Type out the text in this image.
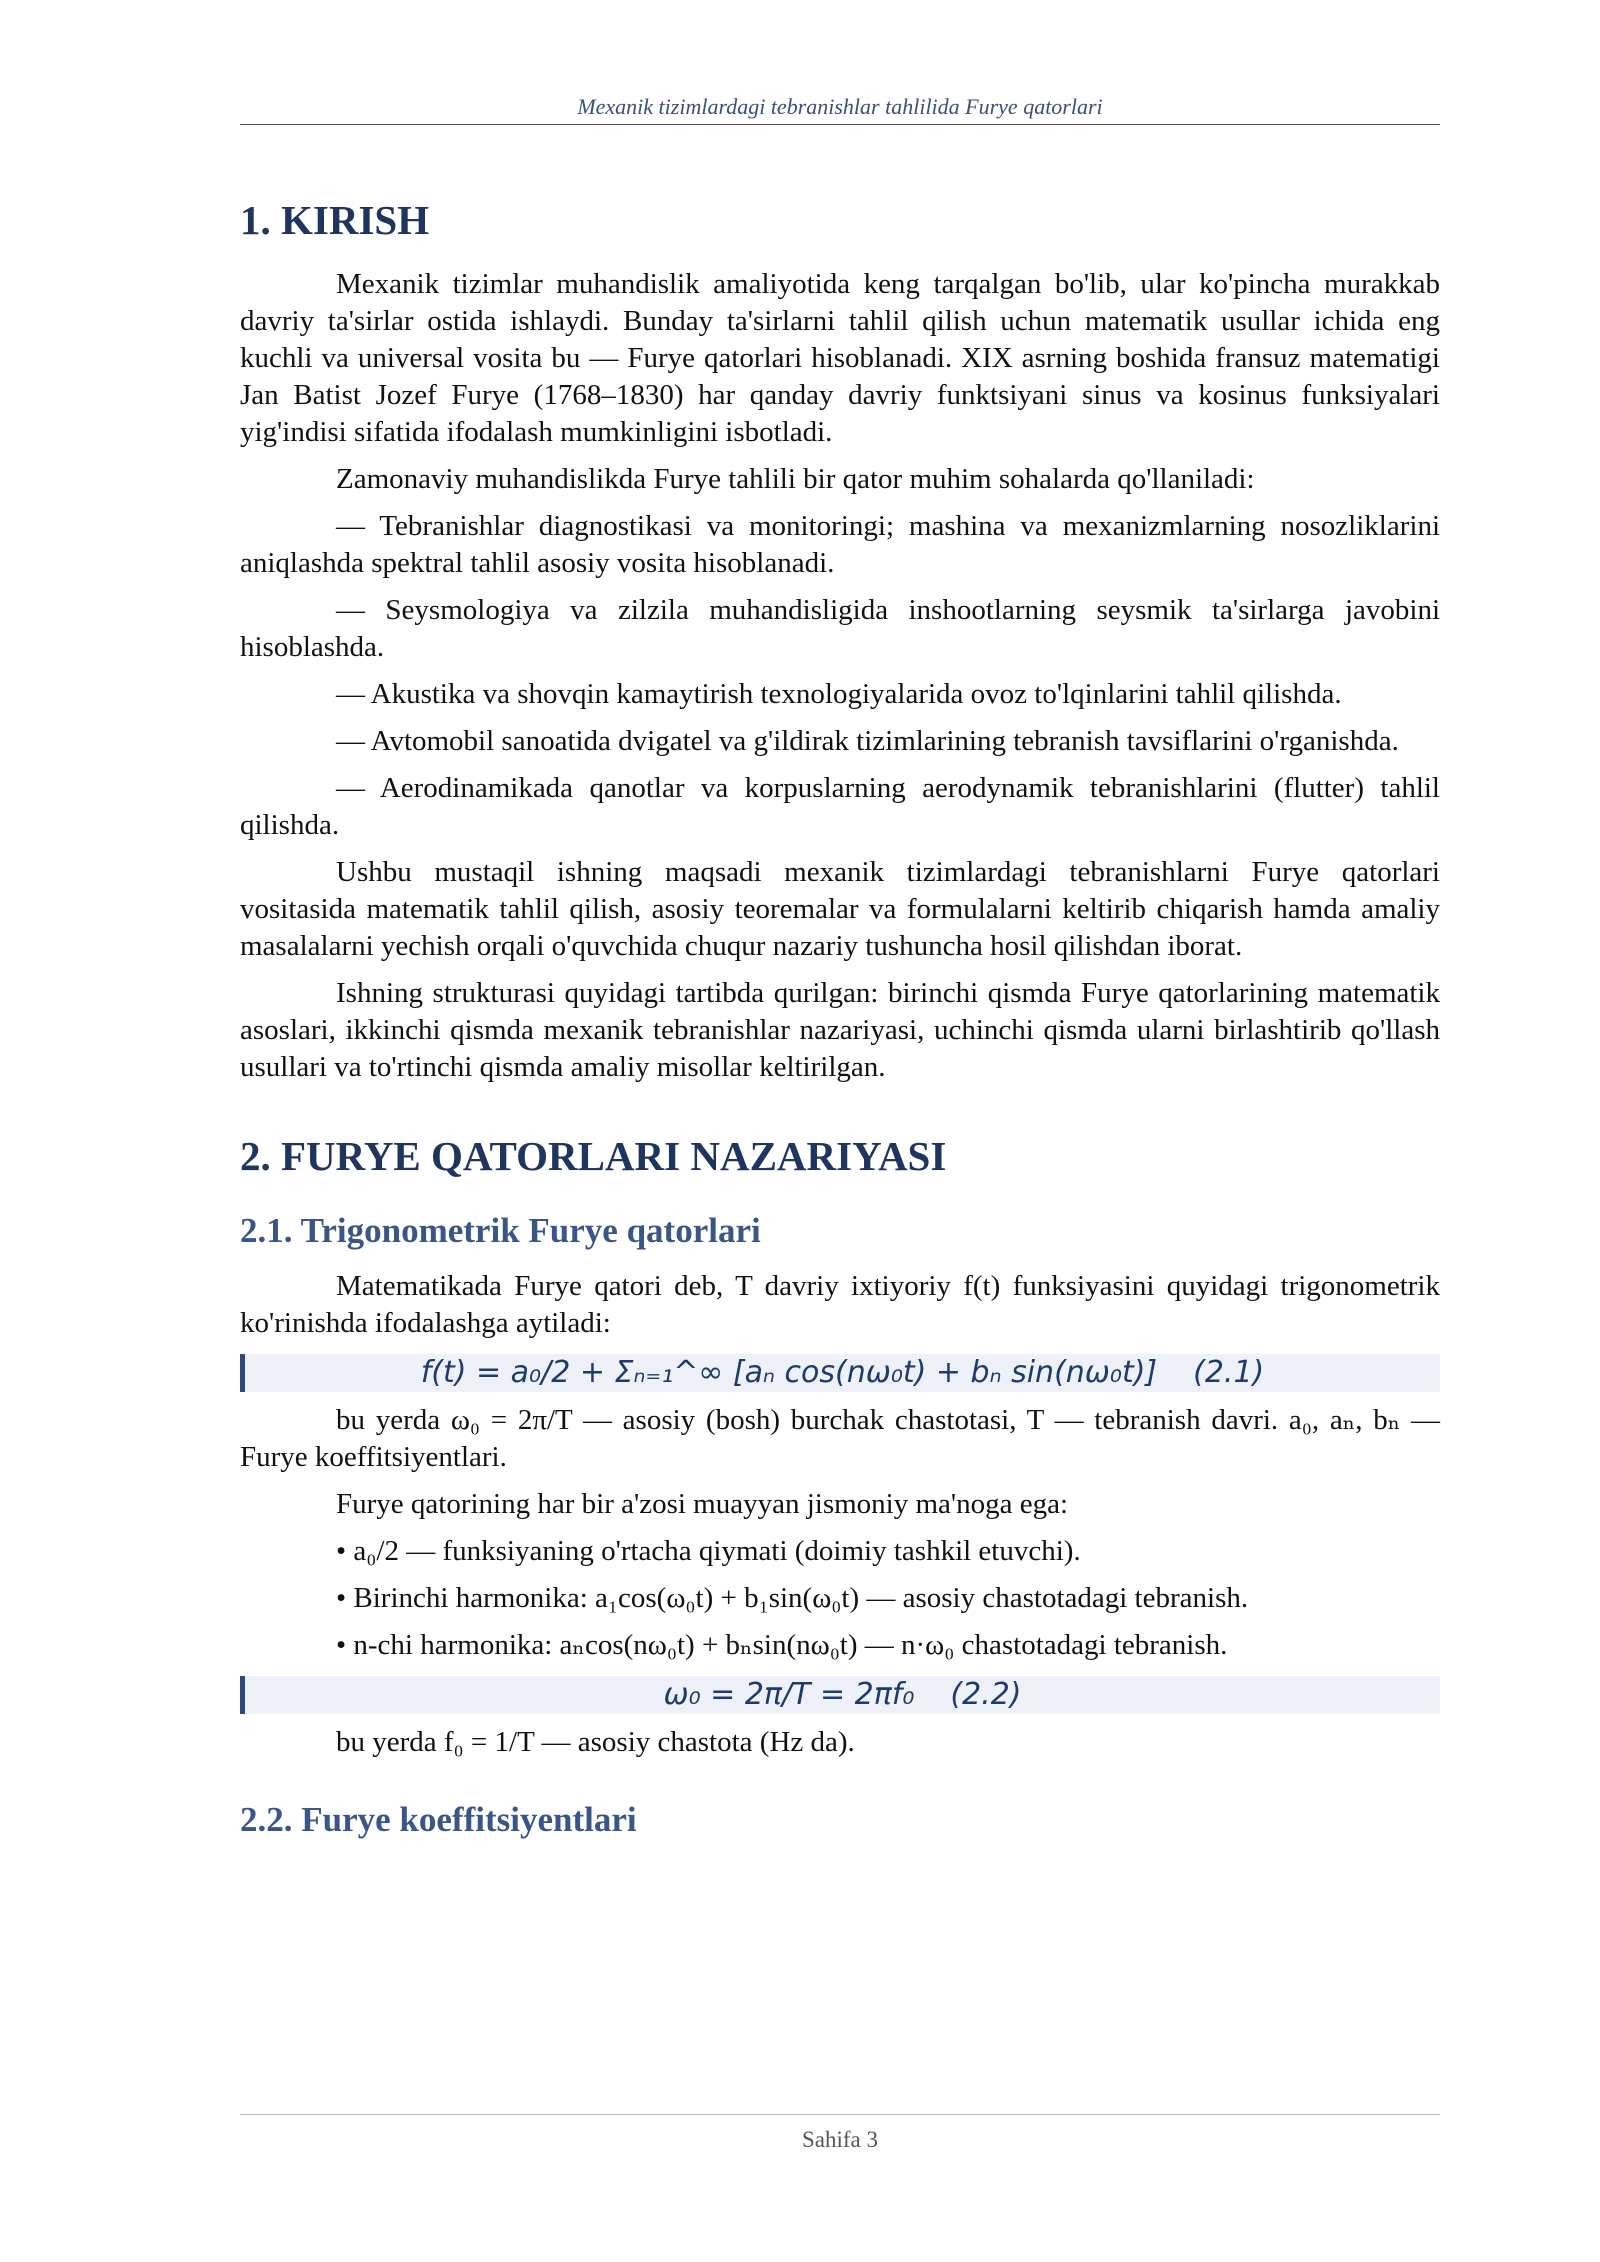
Mexanik tizimlardagi tebranishlar tahlilida Furye qatorlari
1. KIRISH

Mexanik tizimlar muhandislik amaliyotida keng tarqalgan bo'lib, ular ko'pincha murakkab davriy ta'sirlar ostida ishlaydi. Bunday ta'sirlarni tahlil qilish uchun matematik usullar ichida eng kuchli va universal vosita bu — Furye qatorlari hisoblanadi. XIX asrning boshida fransuz matematigi Jan Batist Jozef Furye (1768–1830) har qanday davriy funktsiyani sinus va kosinus funksiyalari yig'indisi sifatida ifodalash mumkinligini isbotladi.

Zamonaviy muhandislikda Furye tahlili bir qator muhim sohalarda qo'llaniladi:

— Tebranishlar diagnostikasi va monitoringi; mashina va mexanizmlarning nosozliklarini aniqlashda spektral tahlil asosiy vosita hisoblanadi.

— Seysmologiya va zilzila muhandisligida inshootlarning seysmik ta'sirlarga javobini hisoblashda.

— Akustika va shovqin kamaytirish texnologiyalarida ovoz to'lqinlarini tahlil qilishda.

— Avtomobil sanoatida dvigatel va g'ildirak tizimlarining tebranish tavsiflarini o'rganishda.

— Aerodinamikada qanotlar va korpuslarning aerodynamik tebranishlarini (flutter) tahlil qilishda.

Ushbu mustaqil ishning maqsadi mexanik tizimlardagi tebranishlarni Furye qatorlari vositasida matematik tahlil qilish, asosiy teoremalar va formulalarni keltirib chiqarish hamda amaliy masalalarni yechish orqali o'quvchida chuqur nazariy tushuncha hosil qilishdan iborat.

Ishning strukturasi quyidagi tartibda qurilgan: birinchi qismda Furye qatorlarining matematik asoslari, ikkinchi qismda mexanik tebranishlar nazariyasi, uchinchi qismda ularni birlashtirib qo'llash usullari va to'rtinchi qismda amaliy misollar keltirilgan.

2. FURYE QATORLARI NAZARIYASI
2.1. Trigonometrik Furye qatorlari

Matematikada Furye qatori deb, T davriy ixtiyoriy f(t) funksiyasini quyidagi trigonometrik ko'rinishda ifodalashga aytiladi:

f(t) = a₀/2 + Σₙ₌₁^∞ [aₙ cos(nω₀t) + bₙ sin(nω₀t)] (2.1)

bu yerda ω₀ = 2π/T — asosiy (bosh) burchak chastotasi, T — tebranish davri. a₀, aₙ, bₙ — Furye koeffitsiyentlari.

Furye qatorining har bir a'zosi muayyan jismoniy ma'noga ega:

• a₀/2 — funksiyaning o'rtacha qiymati (doimiy tashkil etuvchi).

• Birinchi harmonika: a₁cos(ω₀t) + b₁sin(ω₀t) — asosiy chastotadagi tebranish.

• n-chi harmonika: aₙcos(nω₀t) + bₙsin(nω₀t) — n·ω₀ chastotadagi tebranish.

ω₀ = 2π/T = 2πf₀ (2.2)

bu yerda f₀ = 1/T — asosiy chastota (Hz da).

2.2. Furye koeffitsiyentlari
Sahifa 3
